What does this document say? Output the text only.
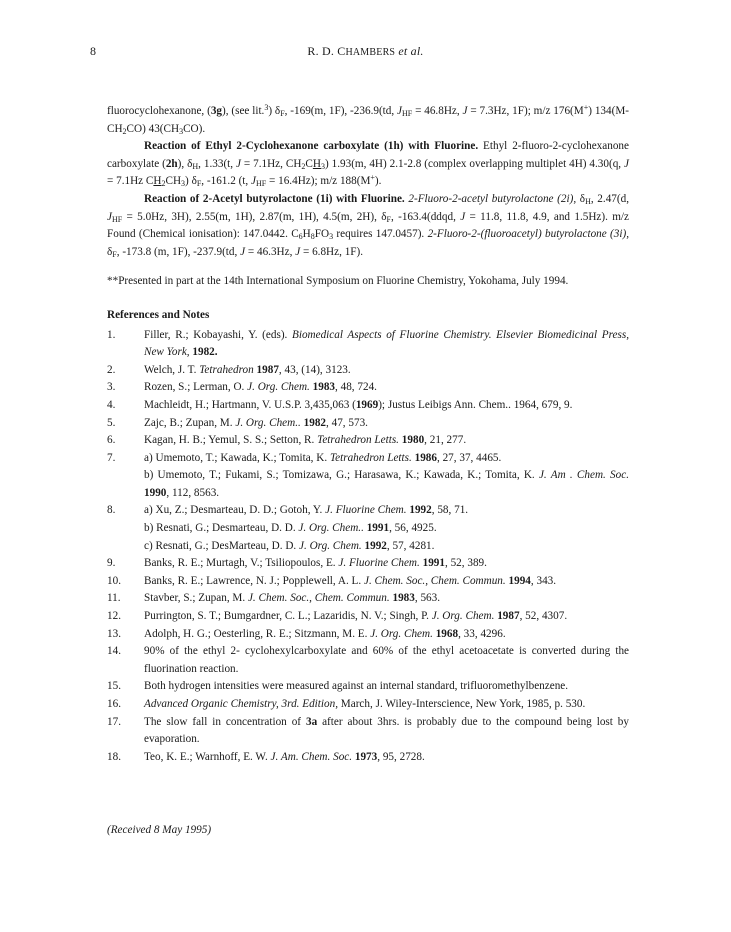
8	R. D. CHAMBERS et al.

fluorocyclohexanone, (3g), (see lit.$^3$) δF, -169(m, 1F), -236.9(td, JHF = 46.8Hz, J = 7.3Hz, 1F); m/z 176(M+) 134(M-CH2CO) 43(CH3CO).

Reaction of Ethyl 2-Cyclohexanone carboxylate (1h) with Fluorine. Ethyl 2-fluoro-2-cyclohexanone carboxylate (2h), δH, 1.33(t, J = 7.1Hz, CH2CH3) 1.93(m, 4H) 2.1-2.8 (complex overlapping multiplet 4H) 4.30(q, J = 7.1Hz CH2CH3) δF, -161.2 (t, JHF = 16.4Hz); m/z 188(M+).

Reaction of 2-Acetyl butyrolactone (1i) with Fluorine. 2-Fluoro-2-acetyl butyrolactone (2i), δH, 2.47(d, JHF = 5.0Hz, 3H), 2.55(m, 1H), 2.87(m, 1H), 4.5(m, 2H), δF, -163.4(ddqd, J = 11.8, 11.8, 4.9, and 1.5Hz). m/z Found (Chemical ionisation): 147.0442. C6H8FO3 requires 147.0457). 2-Fluoro-2-(fluoroacetyl) butyrolactone (3i), δF, -173.8 (m, 1F), -237.9(td, J = 46.3Hz, J = 6.8Hz, 1F).

**Presented in part at the 14th International Symposium on Fluorine Chemistry, Yokohama, July 1994.

References and Notes

1.	Filler, R.; Kobayashi, Y. (eds). Biomedical Aspects of Fluorine Chemistry. Elsevier Biomedicinal Press, New York, 1982.
2.	Welch, J. T. Tetrahedron 1987, 43, (14), 3123.
3.	Rozen, S.; Lerman, O. J. Org. Chem. 1983, 48, 724.
4.	Machleidt, H.; Hartmann, V. U.S.P. 3,435,063 (1969); Justus Leibigs Ann. Chem.. 1964, 679, 9.
5.	Zajc, B.; Zupan, M. J. Org. Chem.. 1982, 47, 573.
6.	Kagan, H. B.; Yemul, S. S.; Setton, R. Tetrahedron Letts. 1980, 21, 277.
7.	a) Umemoto, T.; Kawada, K.; Tomita, K. Tetrahedron Letts. 1986, 27, 37, 4465.
b) Umemoto, T.; Fukami, S.; Tomizawa, G.; Harasawa, K.; Kawada, K.; Tomita, K. J. Am . Chem. Soc. 1990, 112, 8563.
8.	a) Xu, Z.; Desmarteau, D. D.; Gotoh, Y. J. Fluorine Chem. 1992, 58, 71.
b) Resnati, G.; Desmarteau, D. D. J. Org. Chem.. 1991, 56, 4925.
c) Resnati, G.; DesMarteau, D. D. J. Org. Chem. 1992, 57, 4281.
9.	Banks, R. E.; Murtagh, V.; Tsiliopoulos, E. J. Fluorine Chem. 1991, 52, 389.
10.	Banks, R. E.; Lawrence, N. J.; Popplewell, A. L. J. Chem. Soc., Chem. Commun. 1994, 343.
11.	Stavber, S.; Zupan, M. J. Chem. Soc., Chem. Commun. 1983, 563.
12.	Purrington, S. T.; Bumgardner, C. L.; Lazaridis, N. V.; Singh, P. J. Org. Chem. 1987, 52, 4307.
13.	Adolph, H. G.; Oesterling, R. E.; Sitzmann, M. E. J. Org. Chem. 1968, 33, 4296.
14.	90% of the ethyl 2- cyclohexylcarboxylate and 60% of the ethyl acetoacetate is converted during the fluorination reaction.
15.	Both hydrogen intensities were measured against an internal standard, trifluoromethylbenzene.
16.	Advanced Organic Chemistry, 3rd. Edition, March, J. Wiley-Interscience, New York, 1985, p. 530.
17.	The slow fall in concentration of 3a after about 3hrs. is probably due to the compound being lost by evaporation.
18.	Teo, K. E.; Warnhoff, E. W. J. Am. Chem. Soc. 1973, 95, 2728.
(Received 8 May 1995)
